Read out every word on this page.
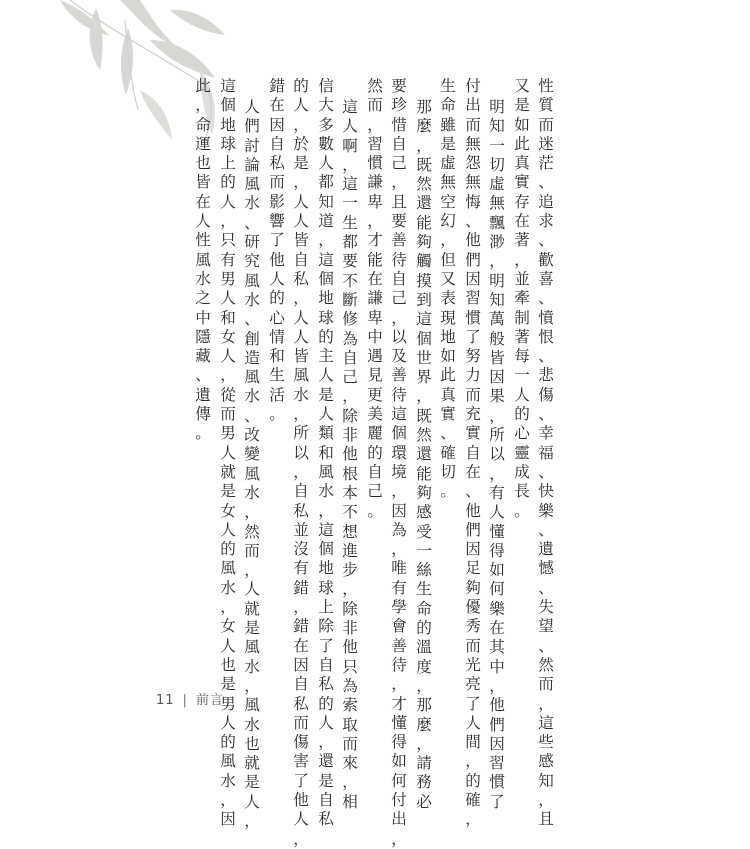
性
質
而
迷
茫
、
追
求
、
歡
喜
、
憤
恨
、
悲
傷
、
幸
福
、
快
樂
、
遺
憾
、
失
望
、
然
而
，
這
些
感
知
，
且
又
是
如
此
真
實
存
在
著
，
並
牽
制
著
每
一
人
的
心
靈
成
長
。
明
知
一
切
虛
無
飄
渺
，
明
知
萬
般
皆
因
果
，
所
以
，
有
人
懂
得
如
何
樂
在
其
中
，
他
們
因
習
慣
了
付
出
而
無
怨
無
悔
、
他
們
因
習
慣
了
努
力
而
充
實
自
在
、
他
們
因
足
夠
優
秀
而
光
亮
了
人
間
，
的
確
，
生
命
雖
是
虛
無
空
幻
，
但
又
表
現
地
如
此
真
實
、
確
切
。
那
麼
，
既
然
還
能
夠
觸
摸
到
這
個
世
界
，
既
然
還
能
夠
感
受
一
絲
生
命
的
溫
度
，
那
麼
，
請
務
必
要
珍
惜
自
己
，
且
要
善
待
自
己
，
以
及
善
待
這
個
環
境
，
因
為
，
唯
有
學
會
善
待
，
才
懂
得
如
何
付
出
，
然
而
，
習
慣
謙
卑
，
才
能
在
謙
卑
中
遇
見
更
美
麗
的
自
己
。
這
人
啊
，
這
一
生
都
要
不
斷
修
為
自
己
，
除
非
他
根
本
不
想
進
步
，
除
非
他
只
為
索
取
而
來
，
相
信
大
多
數
人
都
知
道
，
這
個
地
球
的
主
人
是
人
類
和
風
水
，
這
個
地
球
上
除
了
自
私
的
人
，
還
是
自
私
的
人
，
於
是
，
人
人
皆
自
私
，
人
人
皆
風
水
，
所
以
，
自
私
並
沒
有
錯
，
錯
在
因
自
私
而
傷
害
了
他
人
，
錯
在
因
自
私
而
影
響
了
他
人
的
心
情
和
生
活
。
人
們
討
論
風
水
、
研
究
風
水
、
創
造
風
水
、
改
變
風
水
，
然
而
，
人
就
是
風
水
，
風
水
也
就
是
人
，
這
個
地
球
上
的
人
，
只
有
男
人
和
女
人
，
從
而
男
人
就
是
女
人
的
風
水
，
女
人
也
是
男
人
的
風
水
，
因
此
，
命
運
也
皆
在
人
性
風
水
之
中
隱
藏
、
遺
傳
。
11 | 前言
